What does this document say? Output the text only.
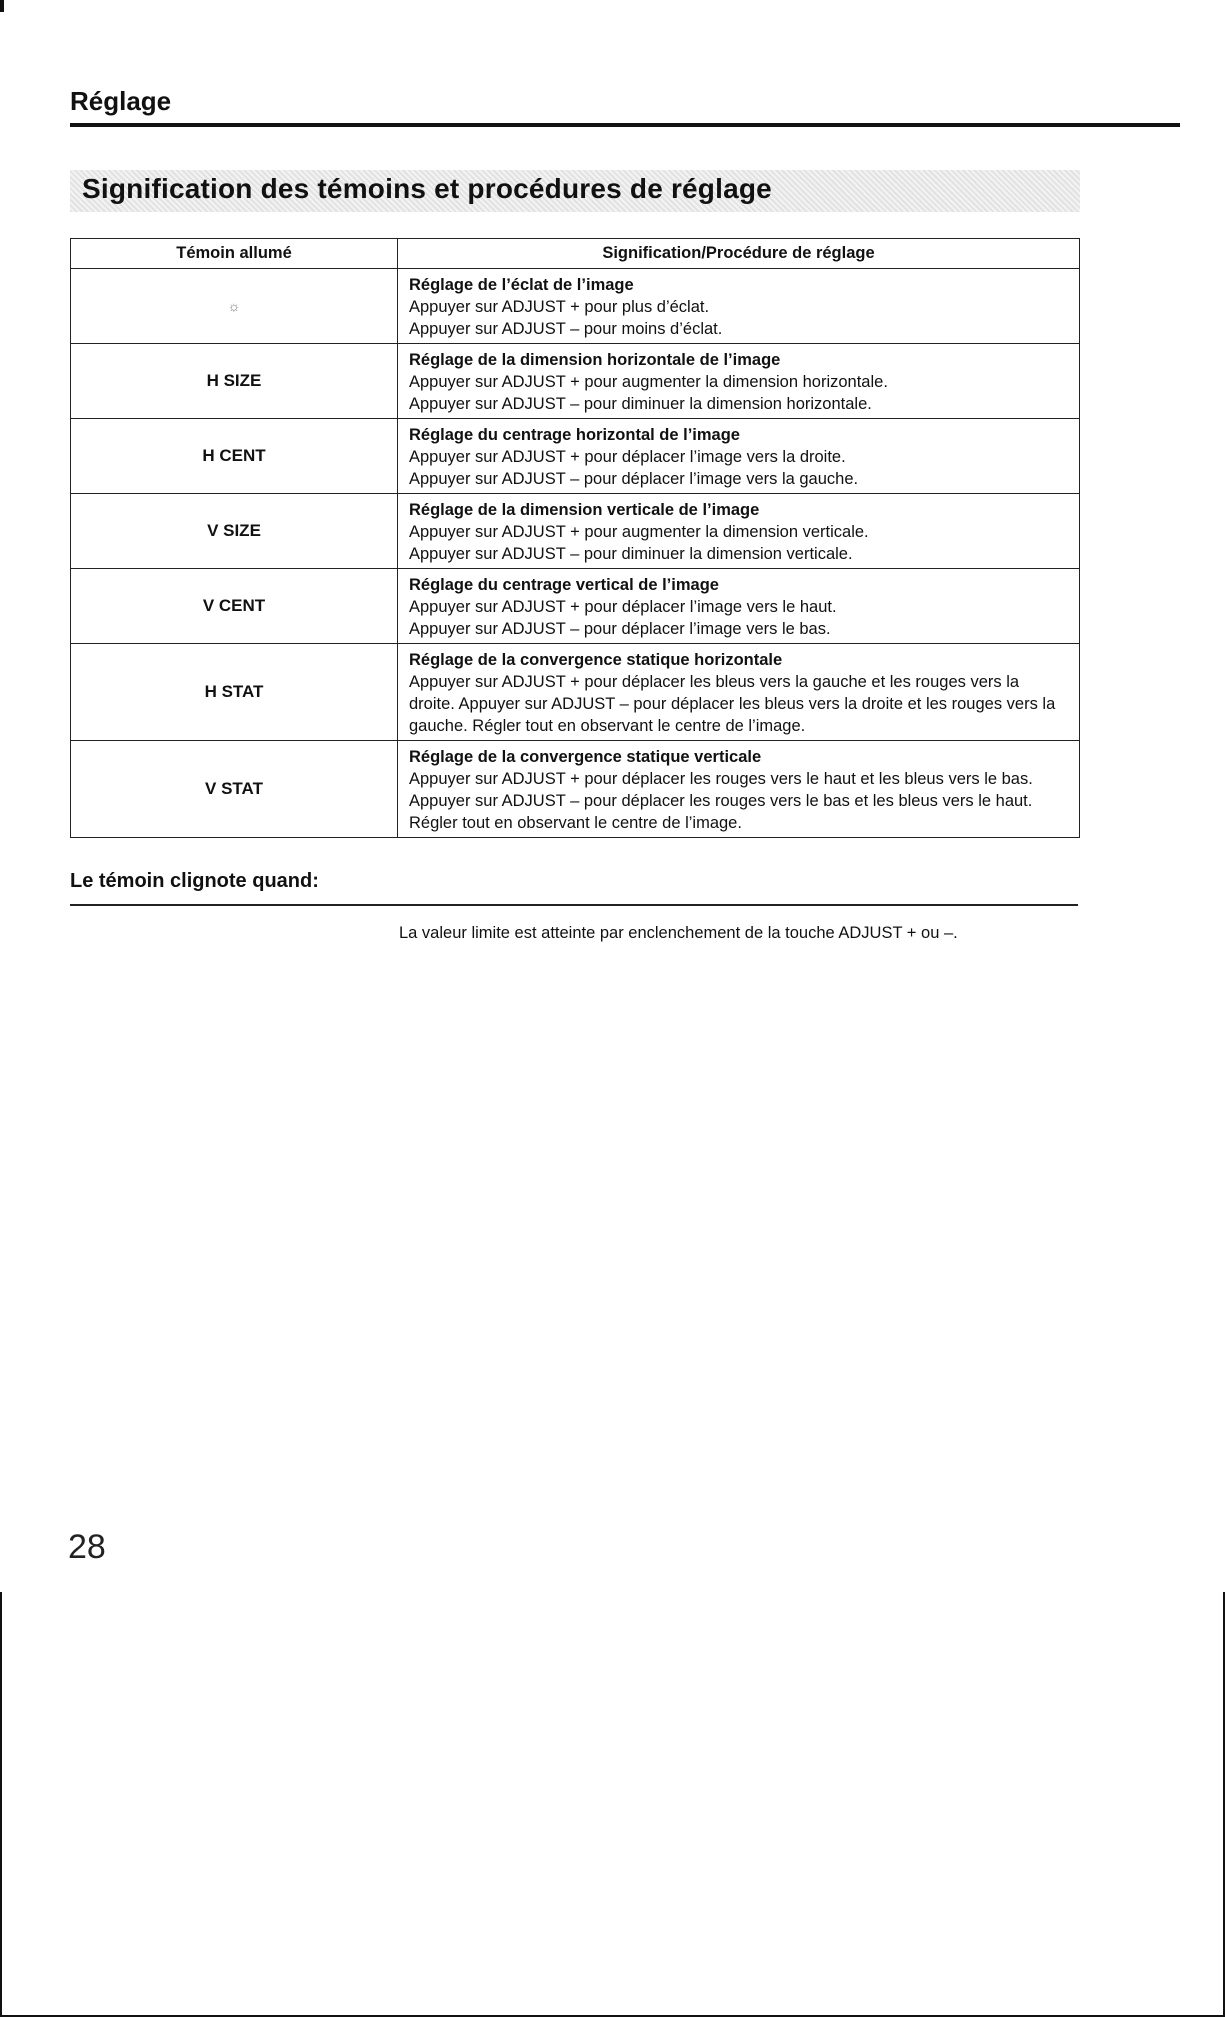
Réglage
Signification des témoins et procédures de réglage
Témoin allumé	Signification/Procédure de réglage
☼	Réglage de l’éclat de l’image
Appuyer sur ADJUST + pour plus d’éclat.
Appuyer sur ADJUST – pour moins d’éclat.

H SIZE	Réglage de la dimension horizontale de l’image
Appuyer sur ADJUST + pour augmenter la dimension horizontale.
Appuyer sur ADJUST – pour diminuer la dimension horizontale.

H CENT	Réglage du centrage horizontal de l’image
Appuyer sur ADJUST + pour déplacer l’image vers la droite.
Appuyer sur ADJUST – pour déplacer l’image vers la gauche.

V SIZE	Réglage de la dimension verticale de l’image
Appuyer sur ADJUST + pour augmenter la dimension verticale.
Appuyer sur ADJUST – pour diminuer la dimension verticale.

V CENT	Réglage du centrage vertical de l’image
Appuyer sur ADJUST + pour déplacer l’image vers le haut.
Appuyer sur ADJUST – pour déplacer l’image vers le bas.

H STAT	Réglage de la convergence statique horizontale
Appuyer sur ADJUST + pour déplacer les bleus vers la gauche et les rouges vers la droite. Appuyer sur ADJUST – pour déplacer les bleus vers la droite et les rouges vers la gauche. Régler tout en observant le centre de l’image.

V STAT	Réglage de la convergence statique verticale
Appuyer sur ADJUST + pour déplacer les rouges vers le haut et les bleus vers le bas. Appuyer sur ADJUST – pour déplacer les rouges vers le bas et les bleus vers le haut. Régler tout en observant le centre de l’image.
Le témoin clignote quand:

La valeur limite est atteinte par enclenchement de la touche ADJUST + ou –.

28
